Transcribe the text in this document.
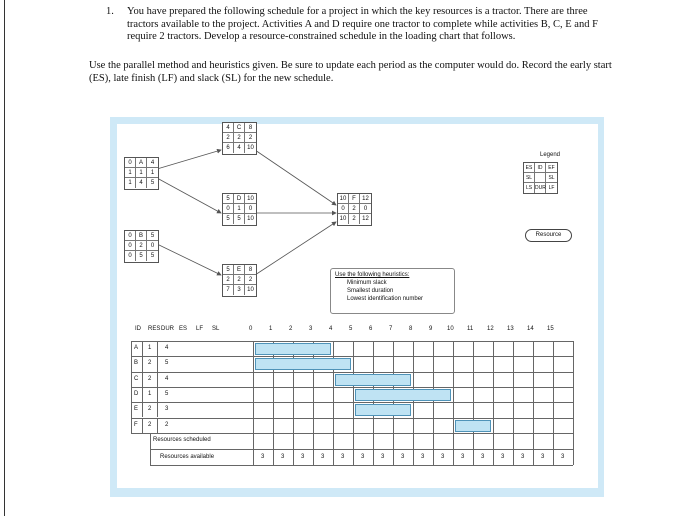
1. You have prepared the following schedule for a project in which the key resources is a tractor. There are three tractors available to the project. Activities A and D require one tractor to complete while activities B, C, E and F require 2 tractors. Develop a resource-constrained schedule in the loading chart that follows.
Use the parallel method and heuristics given. Be sure to update each period as the computer would do. Record the early start (ES), late finish (LF) and slack (SL) for the new schedule.
0	A	4
1	1	1
1	4	5
0	B	5
0	2	0
0	5	5
4	C	8
2	2	2
6	4	10
5	D 10
0	1	0
5	5	10
5	E	8
2	2	2
7	3	10
10 F	12
0	2	0
10 2	12
Legend
ES	ID	EF
SL	SL
LS DUR LF
Resource
Use the following heuristics:
Minimum slack
Smallest duration
Lowest identification number
ID RES DUR ES LF SL	0	1	2	3	4	5	6	7	8	9 10 11 12 13 14 15
A 1 4
B 2 5
C 2 4
D 1 5
E 2 3
F 2 2
Resources scheduled
Resources available	3	3	3	3	3	3	3	3	3	3	3	3	3	3	3	3
